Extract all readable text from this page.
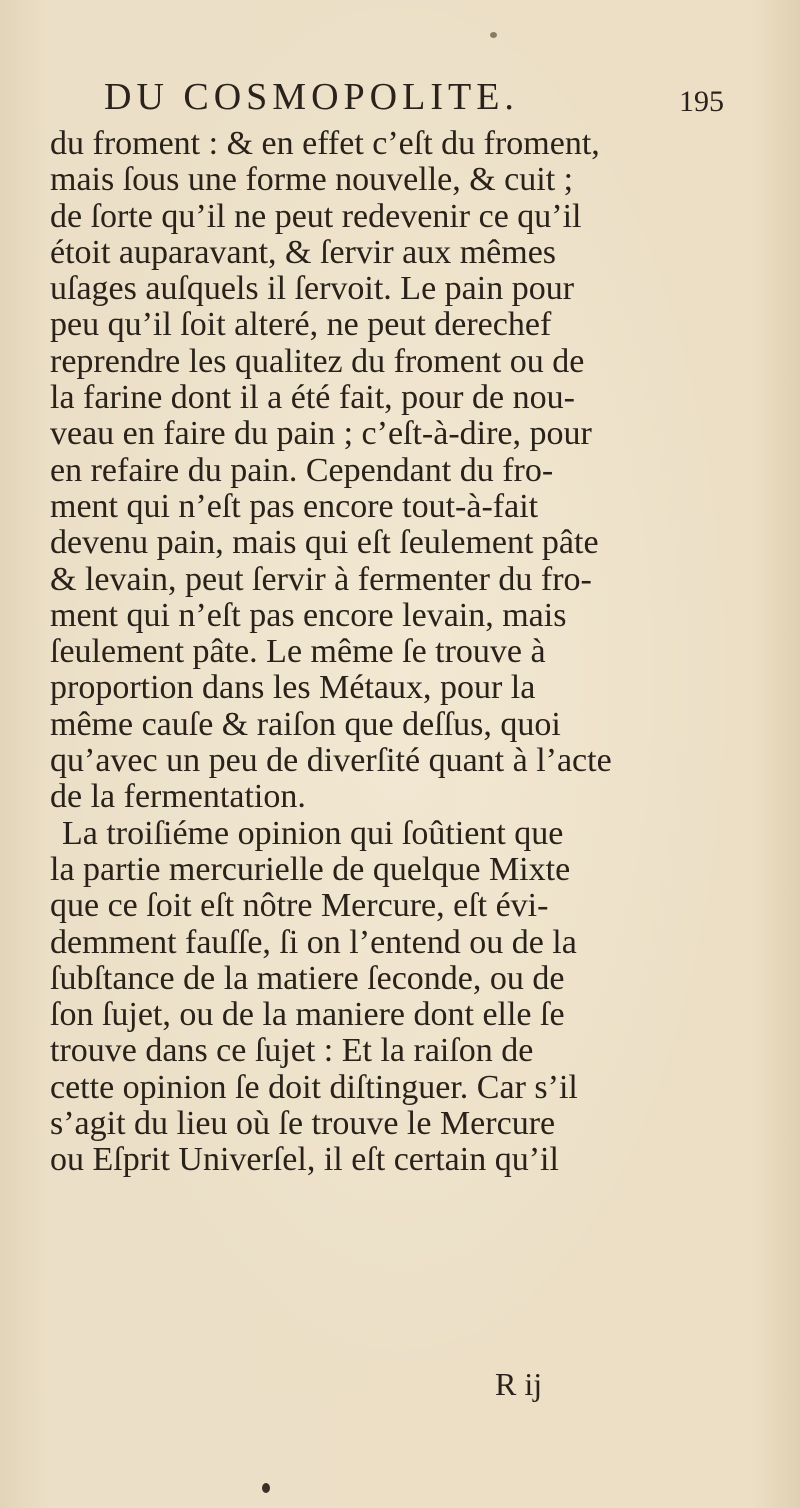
DU COSMOPOLITE.	195
du froment : & en effet c’eſt du froment,
mais ſous une forme nouvelle, & cuit ;
de ſorte qu’il ne peut redevenir ce qu’il
étoit auparavant, & ſervir aux mêmes
uſages auſquels il ſervoit. Le pain pour
peu qu’il ſoit alteré, ne peut derechef
reprendre les qualitez du froment ou de
la farine dont il a été fait, pour de nou-
veau en faire du pain ; c’eſt-à-dire, pour
en refaire du pain. Cependant du fro-
ment qui n’eſt pas encore tout-à-fait
devenu pain, mais qui eſt ſeulement pâte
& levain, peut ſervir à fermenter du fro-
ment qui n’eſt pas encore levain, mais
ſeulement pâte. Le même ſe trouve à
proportion dans les Métaux, pour la
même cauſe & raiſon que deſſus, quoi
qu’avec un peu de diverſité quant à l’acte
de la fermentation.
La troiſiéme opinion qui ſoûtient que
la partie mercurielle de quelque Mixte
que ce ſoit eſt nôtre Mercure, eſt évi-
demment fauſſe, ſi on l’entend ou de la
ſubſtance de la matiere ſeconde, ou de
ſon ſujet, ou de la maniere dont elle ſe
trouve dans ce ſujet : Et la raiſon de
cette opinion ſe doit diſtinguer. Car s’il
s’agit du lieu où ſe trouve le Mercure
ou Eſprit Univerſel, il eſt certain qu’il
R ij
